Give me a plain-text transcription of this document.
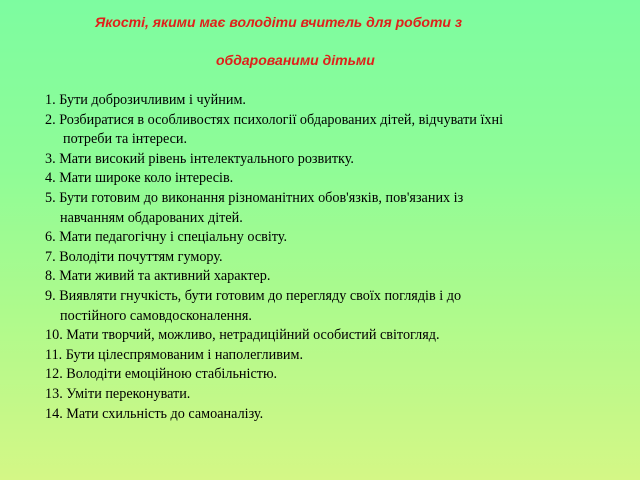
Якості, якими має володіти вчитель для роботи з
обдарованими дітьми
1. Бути доброзичливим і чуйним.
2. Розбиратися в особливостях психології обдарованих дітей, відчувати їхні
потреби та інтереси.
3. Мати високий рівень інтелектуального розвитку.
4. Мати широке коло інтересів.
5. Бути готовим до виконання різноманітних обов'язків, пов'язаних із
навчанням обдарованих дітей.
6. Мати педагогічну і спеціальну освіту.
7. Володіти почуттям гумору.
8. Мати живий та активний характер.
9. Виявляти гнучкість, бути готовим до перегляду своїх поглядів і до
постійного самовдосконалення.
10. Мати творчий, можливо, нетрадиційний особистий світогляд.
11. Бути цілеспрямованим і наполегливим.
12. Володіти емоційною стабільністю.
13. Уміти переконувати.
14. Мати схильність до самоаналізу.
